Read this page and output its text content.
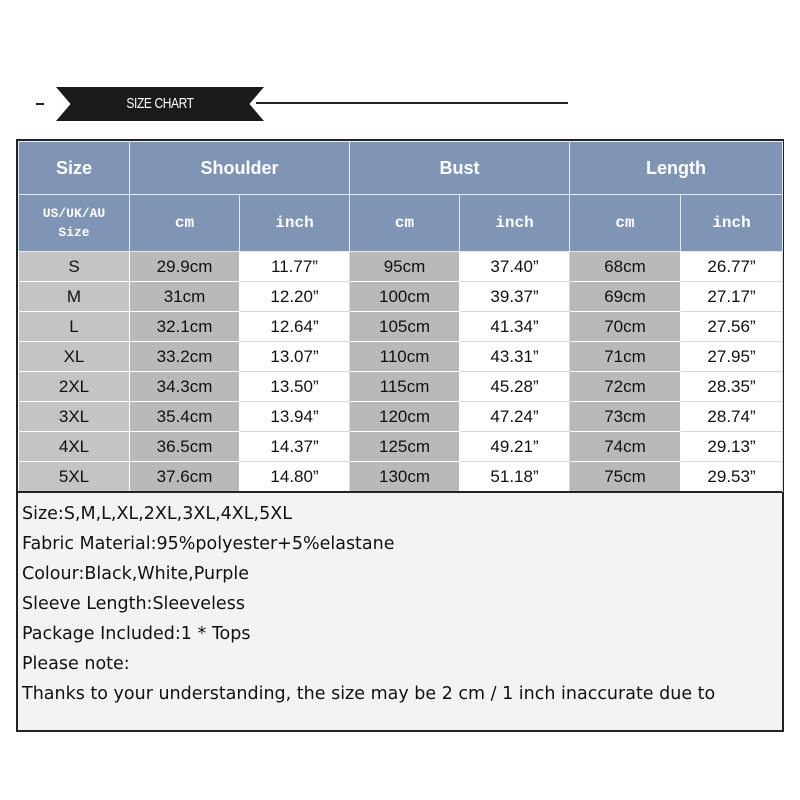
SIZE CHART
Size	Shoulder		Bust		Length	
US/UK/AU
Size	cm	inch	cm	inch	cm	inch
S	29.9cm	11.77”	95cm	37.40”	68cm	26.77”
M	31cm	12.20”	100cm	39.37”	69cm	27.17”
L	32.1cm	12.64”	105cm	41.34”	70cm	27.56”
XL	33.2cm	13.07”	110cm	43.31”	71cm	27.95”
2XL	34.3cm	13.50”	115cm	45.28”	72cm	28.35”
3XL	35.4cm	13.94”	120cm	47.24”	73cm	28.74”
4XL	36.5cm	14.37”	125cm	49.21”	74cm	29.13”
5XL	37.6cm	14.80”	130cm	51.18”	75cm	29.53”
Size:S,M,L,XL,2XL,3XL,4XL,5XL
Fabric Material:95%polyester+5%elastane
Colour:Black,White,Purple
Sleeve Length:Sleeveless
Package Included:1 * Tops
Please note:
Thanks to your understanding, the size may be 2 cm / 1 inch inaccurate due to
